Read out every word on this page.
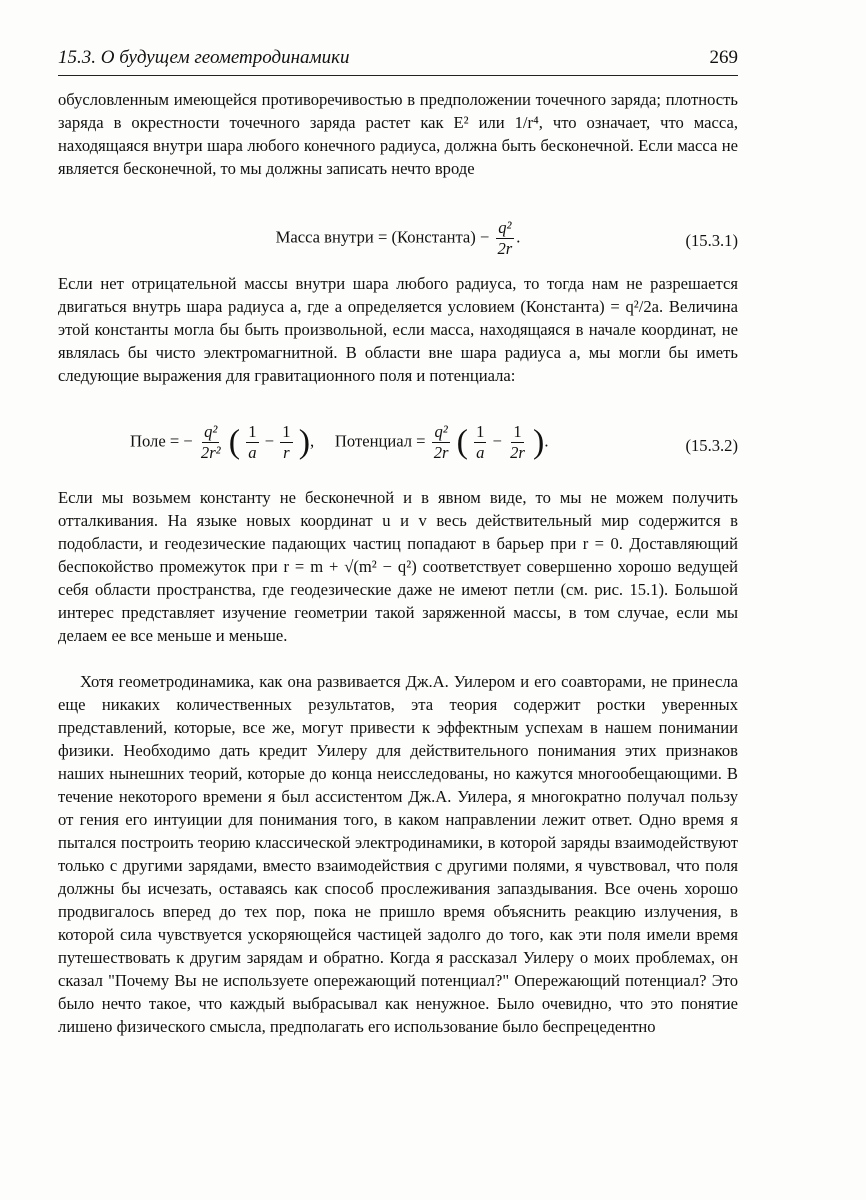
15.3. О будущем геометродинамики	269

обусловленным имеющейся противоречивостью в предположении точечного заряда; плотность заряда в окрестности точечного заряда растет как E² или 1/r⁴, что означает, что масса, находящаяся внутри шара любого конечного радиуса, должна быть бесконечной. Если масса не является бесконечной, то мы должны записать нечто вроде

Масса внутри = (Константа) − $\frac{\text{q²}}{2r}$ .	(15.3.1)

Если нет отрицательной массы внутри шара любого радиуса, то тогда нам не разрешается двигаться внутрь шара радиуса a, где a определяется условием (Константа) = q²/2a. Величина этой константы могла бы быть произвольной, если масса, находящаяся в начале координат, не являлась бы чисто электромагнитной. В области вне шара радиуса a, мы могли бы иметь следующие выражения для гравитационного поля и потенциала:

Поле = − $\frac{\text{q²}}{\text{2r²}}$ ( $\frac{1}{a} - \frac{1}{r}$ ), Потенциал = $\frac{\text{q²}}{2r}$ ( $\frac{1}{a} - \frac{1}{2r}$ ).	(15.3.2)

Если мы возьмем константу не бесконечной и в явном виде, то мы не можем получить отталкивания. На языке новых координат u и v весь действительный мир содержится в подобласти, и геодезические падающих частиц попадают в барьер при r = 0. Доставляющий беспокойство промежуток при r = m + √(m² − q²) соответствует совершенно хорошо ведущей себя области пространства, где геодезические даже не имеют петли (см. рис. 15.1). Большой интерес представляет изучение геометрии такой заряженной массы, в том случае, если мы делаем ее все меньше и меньше.

Хотя геометродинамика, как она развивается Дж.А. Уилером и его соавторами, не принесла еще никаких количественных результатов, эта теория содержит ростки уверенных представлений, которые, все же, могут привести к эффектным успехам в нашем понимании физики. Необходимо дать кредит Уилеру для действительного понимания этих признаков наших нынешних теорий, которые до конца неисследованы, но кажутся многообещающими. В течение некоторого времени я был ассистентом Дж.А. Уилера, я многократно получал пользу от гения его интуиции для понимания того, в каком направлении лежит ответ. Одно время я пытался построить теорию классической электродинамики, в которой заряды взаимодействуют только с другими зарядами, вместо взаимодействия с другими полями, я чувствовал, что поля должны бы исчезать, оставаясь как способ прослеживания запаздывания. Все очень хорошо продвигалось вперед до тех пор, пока не пришло время объяснить реакцию излучения, в которой сила чувствуется ускоряющейся частицей задолго до того, как эти поля имели время путешествовать к другим зарядам и обратно. Когда я рассказал Уилеру о моих проблемах, он сказал "Почему Вы не используете опережающий потенциал?" Опережающий потенциал? Это было нечто такое, что каждый выбрасывал как ненужное. Было очевидно, что это понятие лишено физического смысла, предполагать его использование было беспрецедентно
